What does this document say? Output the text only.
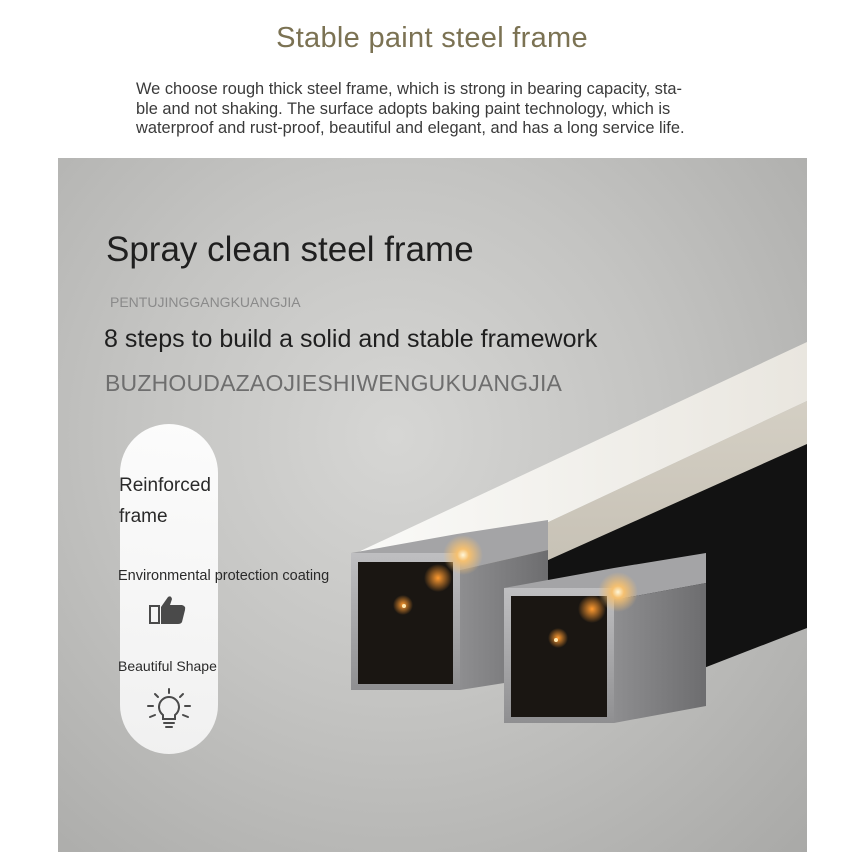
Stable paint steel frame
We choose rough thick steel frame, which is strong in bearing capacity, sta-
ble and not shaking. The surface adopts baking paint technology, which is
waterproof and rust-proof, beautiful and elegant, and has a long service life.
Spray clean steel frame
PENTUJINGGANGKUANGJIA
8 steps to build a solid and stable framework
BUZHOUDAZAOJIESHIWENGUKUANGJIA
Reinforced
frame
Environmental protection coating
Beautiful Shape
